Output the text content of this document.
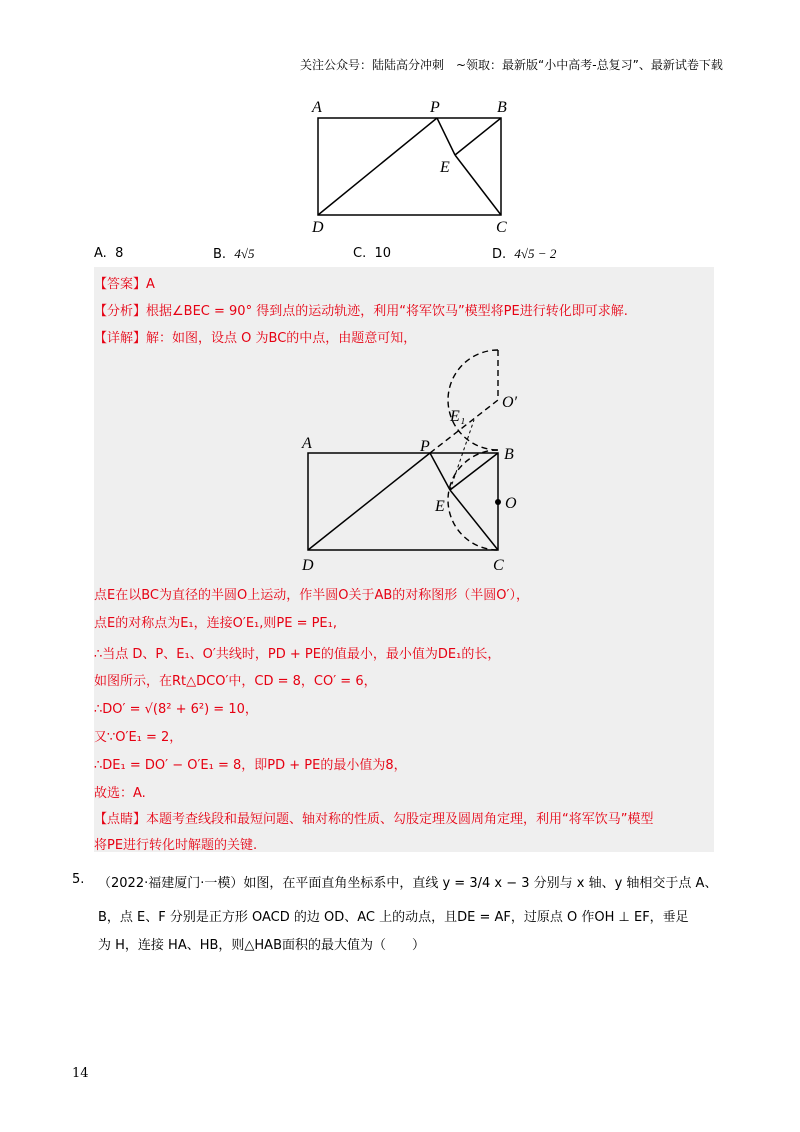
关注公众号：陆陆高分冲刺　~领取：最新版“小中高考-总复习”、最新试卷下载
A	P	B
E
D	C
A. 8	B. 4√5	C. 10	D. 4√5 − 2
【答案】A
【分析】根据∠BEC = 90° 得到点的运动轨迹，利用“将军饮马”模型将PE进行转化即可求解.
【详解】解：如图，设点 O 为BC的中点，由题意可知，
A	P	B
E
D	C
O
O′
E₁
点E在以BC为直径的半圆O上运动，作半圆O关于AB的对称图形（半圆O′），
点E的对称点为E₁，连接O′E₁,则PE = PE₁,
∴当点 D、P、E₁、O′共线时，PD + PE的值最小，最小值为DE₁的长，
如图所示，在Rt△DCO′中，CD = 8，CO′ = 6，
∴DO′ = √(8² + 6²) = 10，
又∵O′E₁ = 2，
∴DE₁ = DO′ − O′E₁ = 8，即PD + PE的最小值为8，
故选：A.
【点睛】本题考查线段和最短问题、轴对称的性质、勾股定理及圆周角定理，利用“将军饮马”模型
将PE进行转化时解题的关键.
5. （2022·福建厦门·一模）如图，在平面直角坐标系中，直线 y = 3/4 x − 3 分别与 x 轴、y 轴相交于点 A、
B，点 E、F 分别是正方形 OACD 的边 OD、AC 上的动点，且DE = AF，过原点 O 作OH ⊥ EF，垂足
为 H，连接 HA、HB，则△HAB面积的最大值为（　　）
14
